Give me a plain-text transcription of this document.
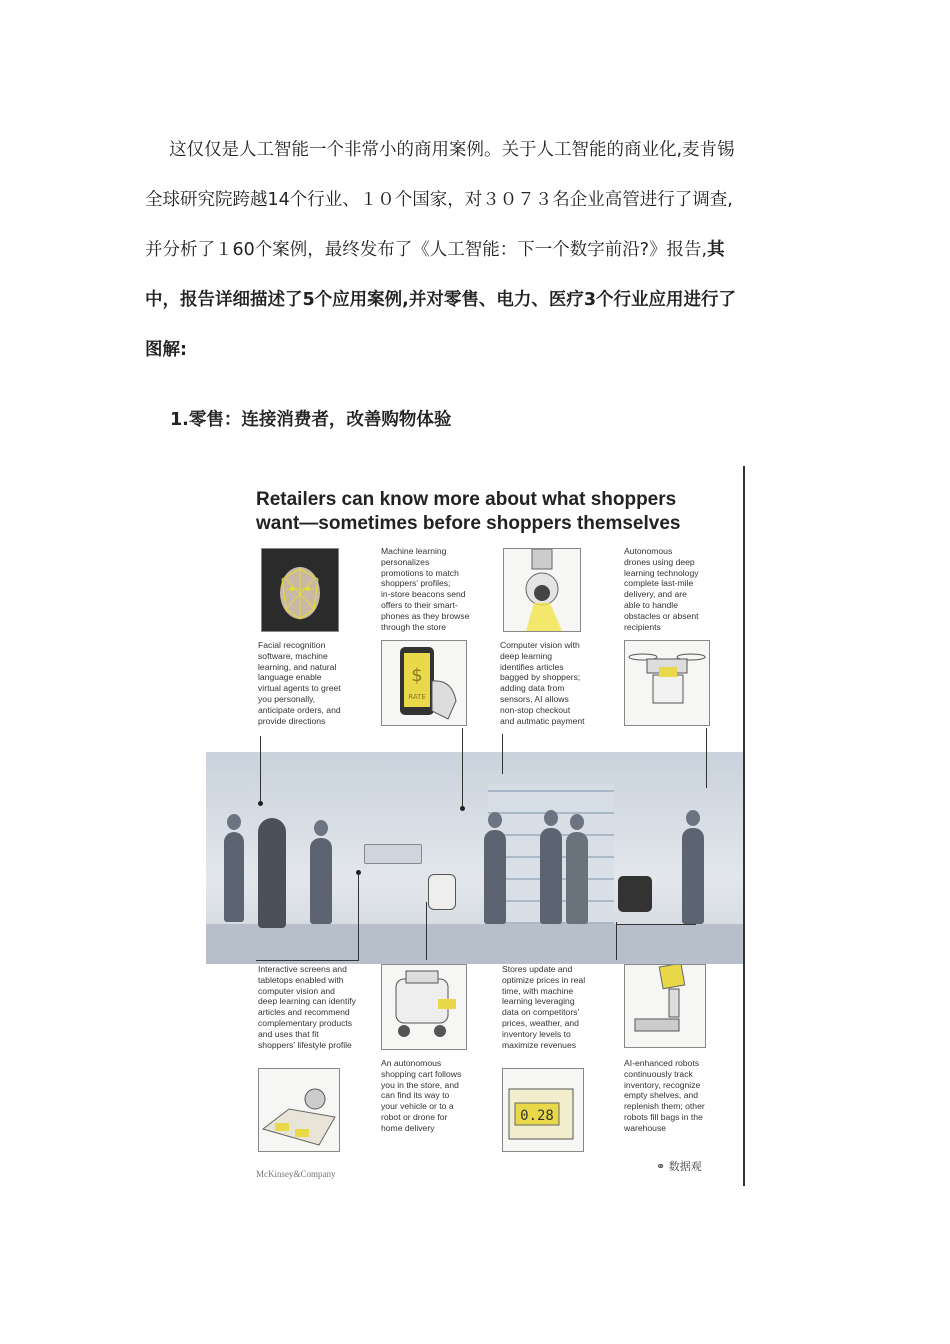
这仅仅是人工智能一个非常小的商用案例。关于人工智能的商业化,麦肯锡
全球研究院跨越14个行业、１０个国家，对３０７３名企业高管进行了调查,
并分析了１60个案例，最终发布了《人工智能：下一个数字前沿?》报告,其
中，报告详细描述了5个应用案例,并对零售、电力、医疗3个行业应用进行了
图解:
1.零售：连接消费者，改善购物体验
Retailers can know more about what shoppers
want—sometimes before shoppers themselves
Facial recognition
software, machine
learning, and natural
language enable
virtual agents to greet
you personally,
anticipate orders, and
provide directions
Machine learning
personalizes
promotions to match
shoppers' profiles;
in-store beacons send
offers to their smart-
phones as they browse
through the store
$
RATE
Computer vision with
deep learning
identifies articles
bagged by shoppers;
adding data from
sensors, AI allows
non-stop checkout
and autmatic payment
Autonomous
drones using deep
learning technology
complete last-mile
delivery, and are
able to handle
obstacles or absent
recipients
Interactive screens and
tabletops enabled with
computer vision and
deep learning can identify
articles and recommend
complementary products
and uses that fit
shoppers' lifestyle profile
An autonomous
shopping cart follows
you in the store, and
can find its way to
your vehicle or to a
robot or drone for
home delivery
Stores update and
optimize prices in real
time, with machine
learning leveraging
data on competitors'
prices, weather, and
inventory levels to
maximize revenues
0.28
AI-enhanced robots
continuously track
inventory, recognize
empty shelves, and
replenish them; other
robots fill bags in the
warehouse
McKinsey&Company
⚭ 数据观
